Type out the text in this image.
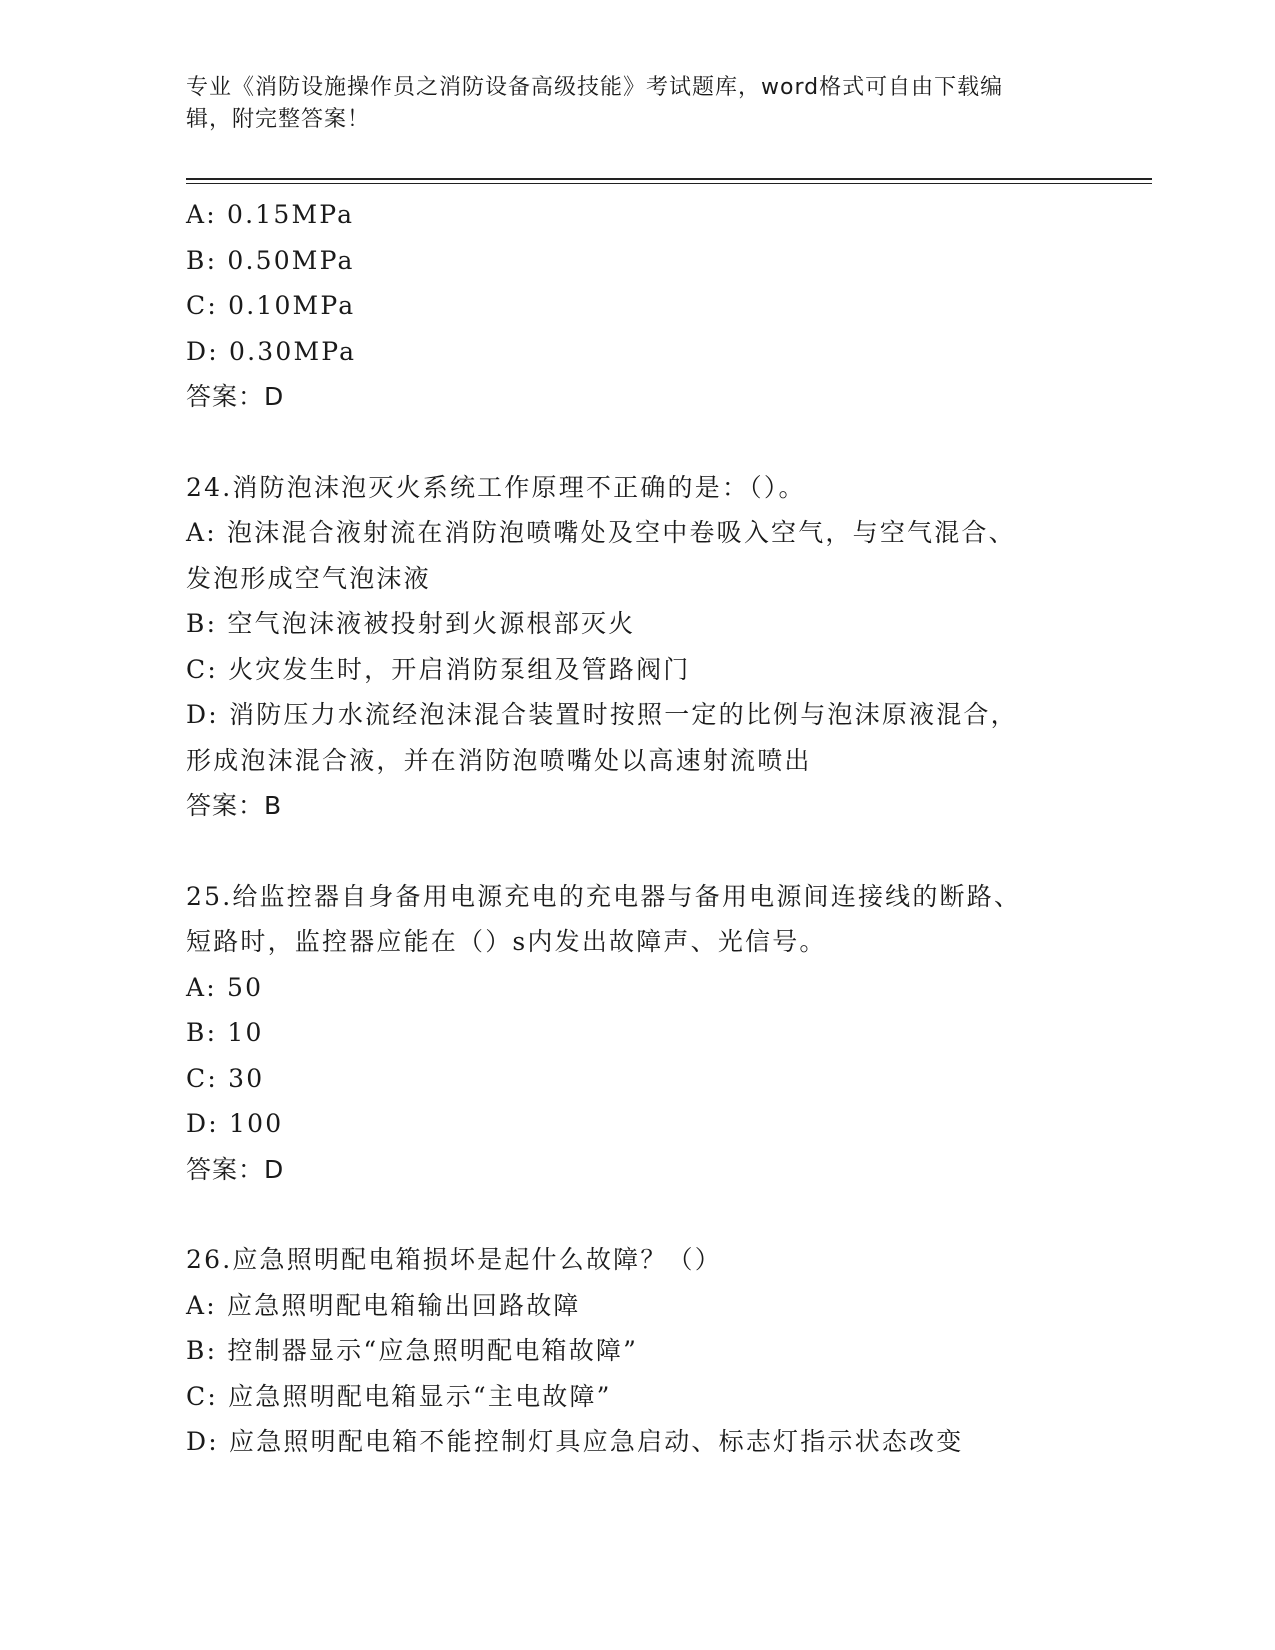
专业《消防设施操作员之消防设备高级技能》考试题库，word格式可自由下载编
辑，附完整答案！
A: 0.15MPa
B: 0.50MPa
C: 0.10MPa
D: 0.30MPa
答案：D
24.消防泡沫泡灭火系统工作原理不正确的是：（）。
A: 泡沫混合液射流在消防泡喷嘴处及空中卷吸入空气，与空气混合、
发泡形成空气泡沫液
B: 空气泡沫液被投射到火源根部灭火
C: 火灾发生时，开启消防泵组及管路阀门
D: 消防压力水流经泡沫混合装置时按照一定的比例与泡沫原液混合，
形成泡沫混合液，并在消防泡喷嘴处以高速射流喷出
答案：B
25.给监控器自身备用电源充电的充电器与备用电源间连接线的断路、
短路时，监控器应能在（）s内发出故障声、光信号。
A: 50
B: 10
C: 30
D: 100
答案：D
26.应急照明配电箱损坏是起什么故障？（）
A: 应急照明配电箱输出回路故障
B: 控制器显示“应急照明配电箱故障”
C: 应急照明配电箱显示“主电故障”
D: 应急照明配电箱不能控制灯具应急启动、标志灯指示状态改变
